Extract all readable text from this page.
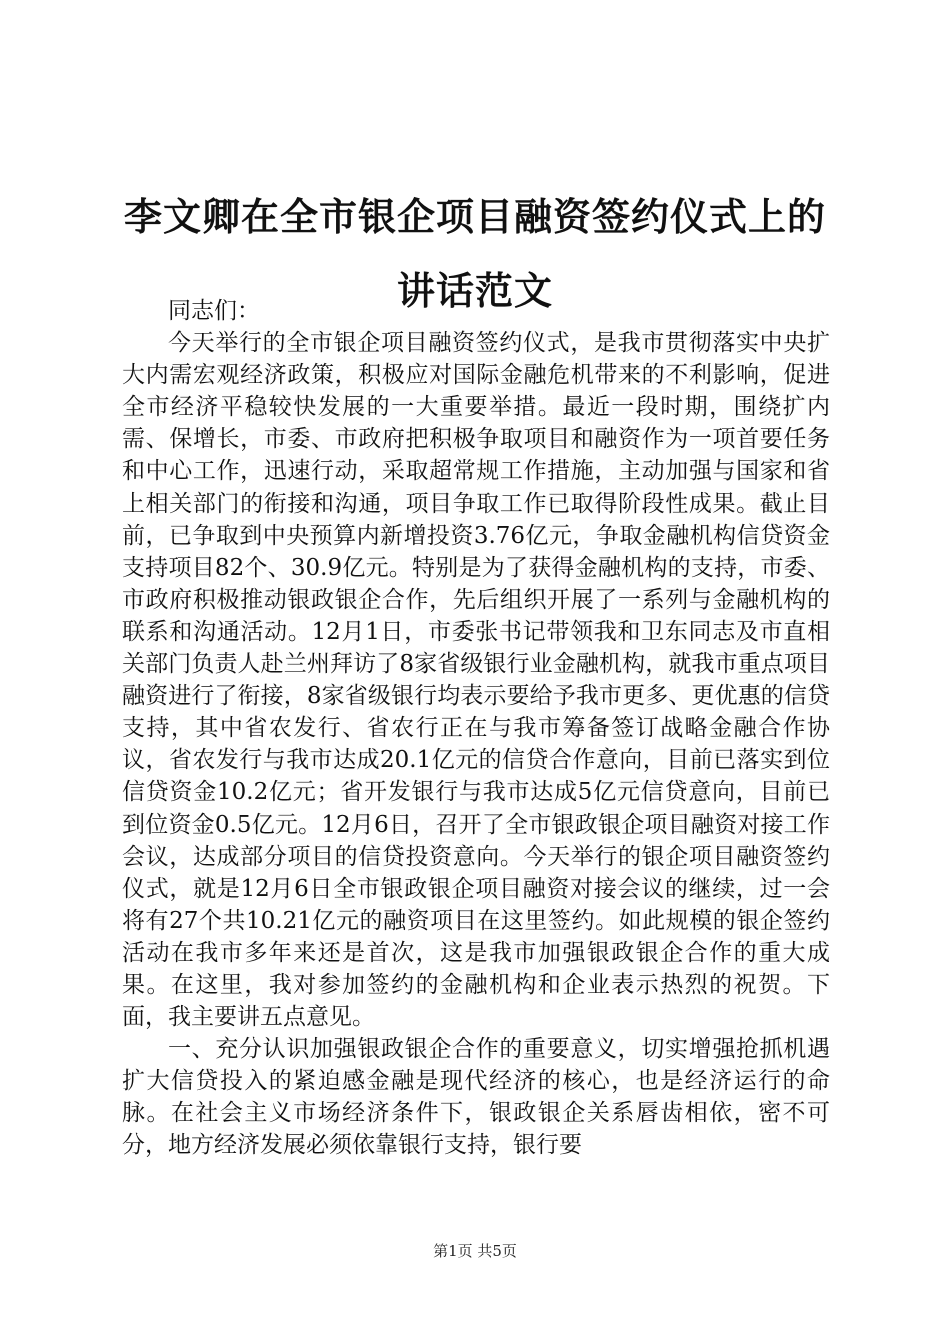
李文卿在全市银企项目融资签约仪式上的讲话范文

同志们：

今天举行的全市银企项目融资签约仪式，是我市贯彻落实中央扩大内需宏观经济政策，积极应对国际金融危机带来的不利影响，促进全市经济平稳较快发展的一大重要举措。最近一段时期，围绕扩内需、保增长，市委、市政府把积极争取项目和融资作为一项首要任务和中心工作，迅速行动，采取超常规工作措施，主动加强与国家和省上相关部门的衔接和沟通，项目争取工作已取得阶段性成果。截止目前，已争取到中央预算内新增投资3.76亿元，争取金融机构信贷资金支持项目82个、30.9亿元。特别是为了获得金融机构的支持，市委、市政府积极推动银政银企合作，先后组织开展了一系列与金融机构的联系和沟通活动。12月1日，市委张书记带领我和卫东同志及市直相关部门负责人赴兰州拜访了8家省级银行业金融机构，就我市重点项目融资进行了衔接，8家省级银行均表示要给予我市更多、更优惠的信贷支持，其中省农发行、省农行正在与我市筹备签订战略金融合作协议，省农发行与我市达成20.1亿元的信贷合作意向，目前已落实到位信贷资金10.2亿元；省开发银行与我市达成5亿元信贷意向，目前已到位资金0.5亿元。12月6日，召开了全市银政银企项目融资对接工作会议，达成部分项目的信贷投资意向。今天举行的银企项目融资签约仪式，就是12月6日全市银政银企项目融资对接会议的继续，过一会将有27个共10.21亿元的融资项目在这里签约。如此规模的银企签约活动在我市多年来还是首次，这是我市加强银政银企合作的重大成果。在这里，我对参加签约的金融机构和企业表示热烈的祝贺。下面，我主要讲五点意见。

一、充分认识加强银政银企合作的重要意义，切实增强抢抓机遇扩大信贷投入的紧迫感金融是现代经济的核心，也是经济运行的命脉。在社会主义市场经济条件下，银政银企关系唇齿相依，密不可分，地方经济发展必须依靠银行支持，银行要

第1页 共5页
